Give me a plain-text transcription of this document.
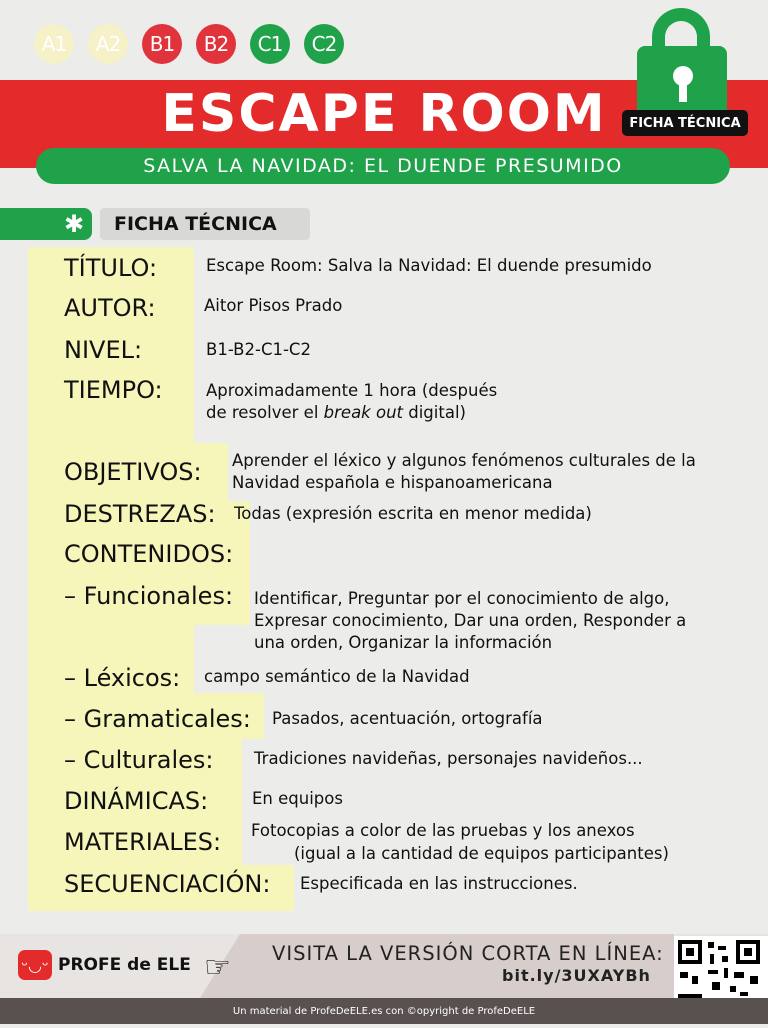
A1	A2	B1	B2	C1	C2
ESCAPE ROOM
SALVA LA NAVIDAD: EL DUENDE PRESUMIDO
FICHA TÉCNICA
✱ FICHA TÉCNICA
TÍTULO:	Escape Room: Salva la Navidad: El duende presumido
AUTOR:	Aitor Pisos Prado
NIVEL:	B1-B2-C1-C2
TIEMPO:	Aproximadamente 1 hora (después
de resolver el break out digital)
OBJETIVOS: Aprender el léxico y algunos fenómenos culturales de la
Navidad española e hispanoamericana
DESTREZAS: Todas (expresión escrita en menor medida)
CONTENIDOS:
– Funcionales: Identificar, Preguntar por el conocimiento de algo,
Expresar conocimiento, Dar una orden, Responder a
una orden, Organizar la información
– Léxicos: campo semántico de la Navidad
– Gramaticales: Pasados, acentuación, ortografía
– Culturales: Tradiciones navideñas, personajes navideños...
DINÁMICAS:	En equipos
MATERIALES: Fotocopias a color de las pruebas y los anexos
(igual a la cantidad de equipos participantes)
SECUENCIACIÓN: Especificada en las instrucciones.
ᵕ◡ᵕ PROFE de ELE ☞ VISITA LA VERSIÓN CORTA EN LÍNEA:
bit.ly/3UXAYBh
Un material de ProfeDeELE.es con ©opyright de ProfeDeELE
